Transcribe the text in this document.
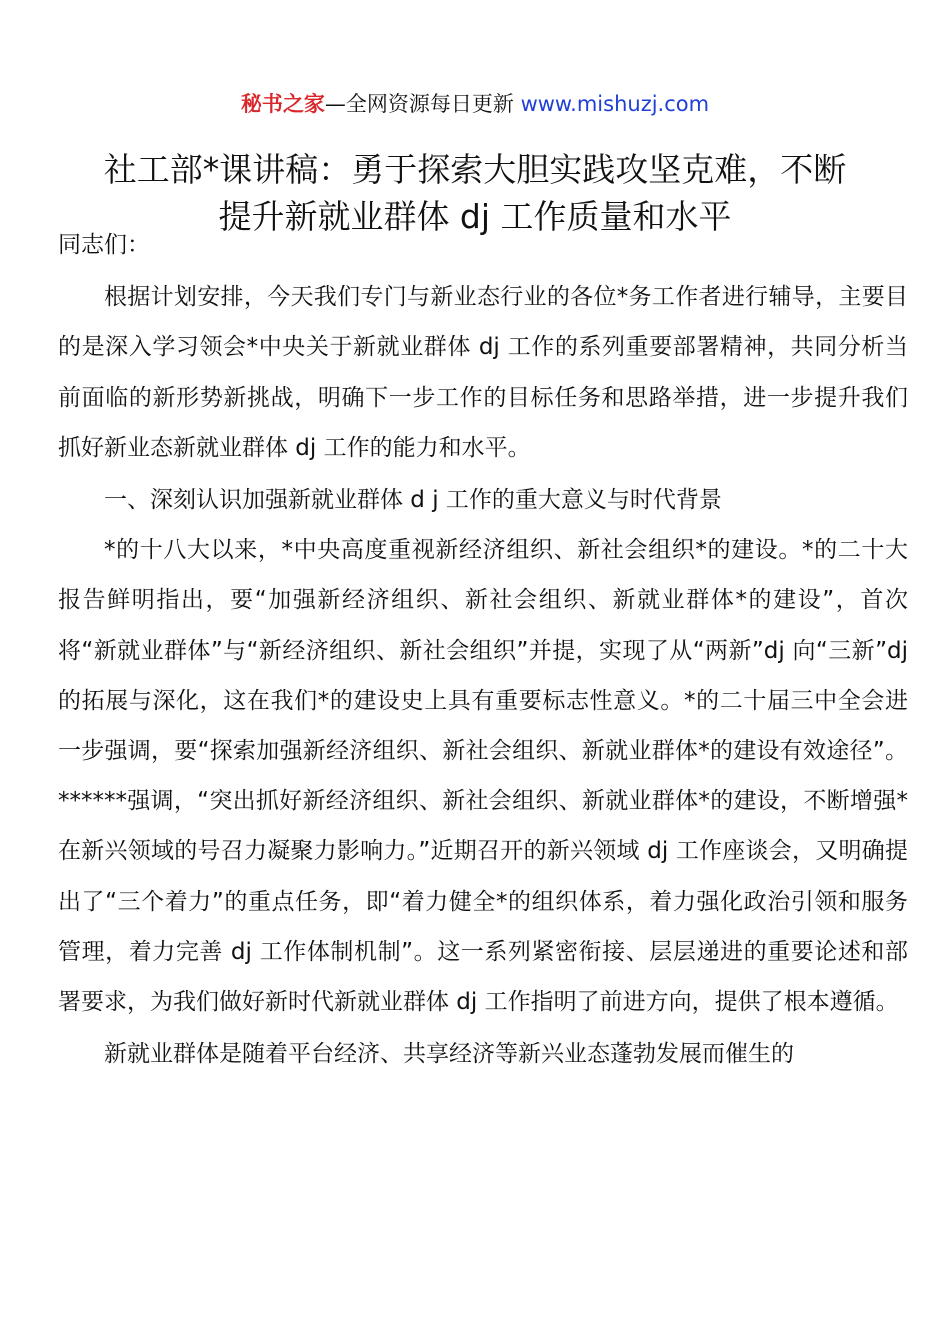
秘书之家—全网资源每日更新 www.mishuzj.com
社工部*课讲稿：勇于探索大胆实践攻坚克难，不断
提升新就业群体 dj 工作质量和水平

同志们：

根据计划安排，今天我们专门与新业态行业的各位*务工作者进行辅导，主要目的是深入学习领会*中央关于新就业群体 dj 工作的系列重要部署精神，共同分析当前面临的新形势新挑战，明确下一步工作的目标任务和思路举措，进一步提升我们抓好新业态新就业群体 dj 工作的能力和水平。

一、深刻认识加强新就业群体 d j 工作的重大意义与时代背景

*的十八大以来，*中央高度重视新经济组织、新社会组织*的建设。*的二十大报告鲜明指出，要“加强新经济组织、新社会组织、新就业群体*的建设”，首次将“新就业群体”与“新经济组织、新社会组织”并提，实现了从“两新”dj 向“三新”dj 的拓展与深化，这在我们*的建设史上具有重要标志性意义。*的二十届三中全会进一步强调，要“探索加强新经济组织、新社会组织、新就业群体*的建设有效途径”。******强调，“突出抓好新经济组织、新社会组织、新就业群体*的建设，不断增强*在新兴领域的号召力凝聚力影响力。”近期召开的新兴领域 dj 工作座谈会，又明确提出了“三个着力”的重点任务，即“着力健全*的组织体系，着力强化政治引领和服务管理，着力完善 dj 工作体制机制”。这一系列紧密衔接、层层递进的重要论述和部署要求，为我们做好新时代新就业群体 dj 工作指明了前进方向，提供了根本遵循。

新就业群体是随着平台经济、共享经济等新兴业态蓬勃发展而催生的
